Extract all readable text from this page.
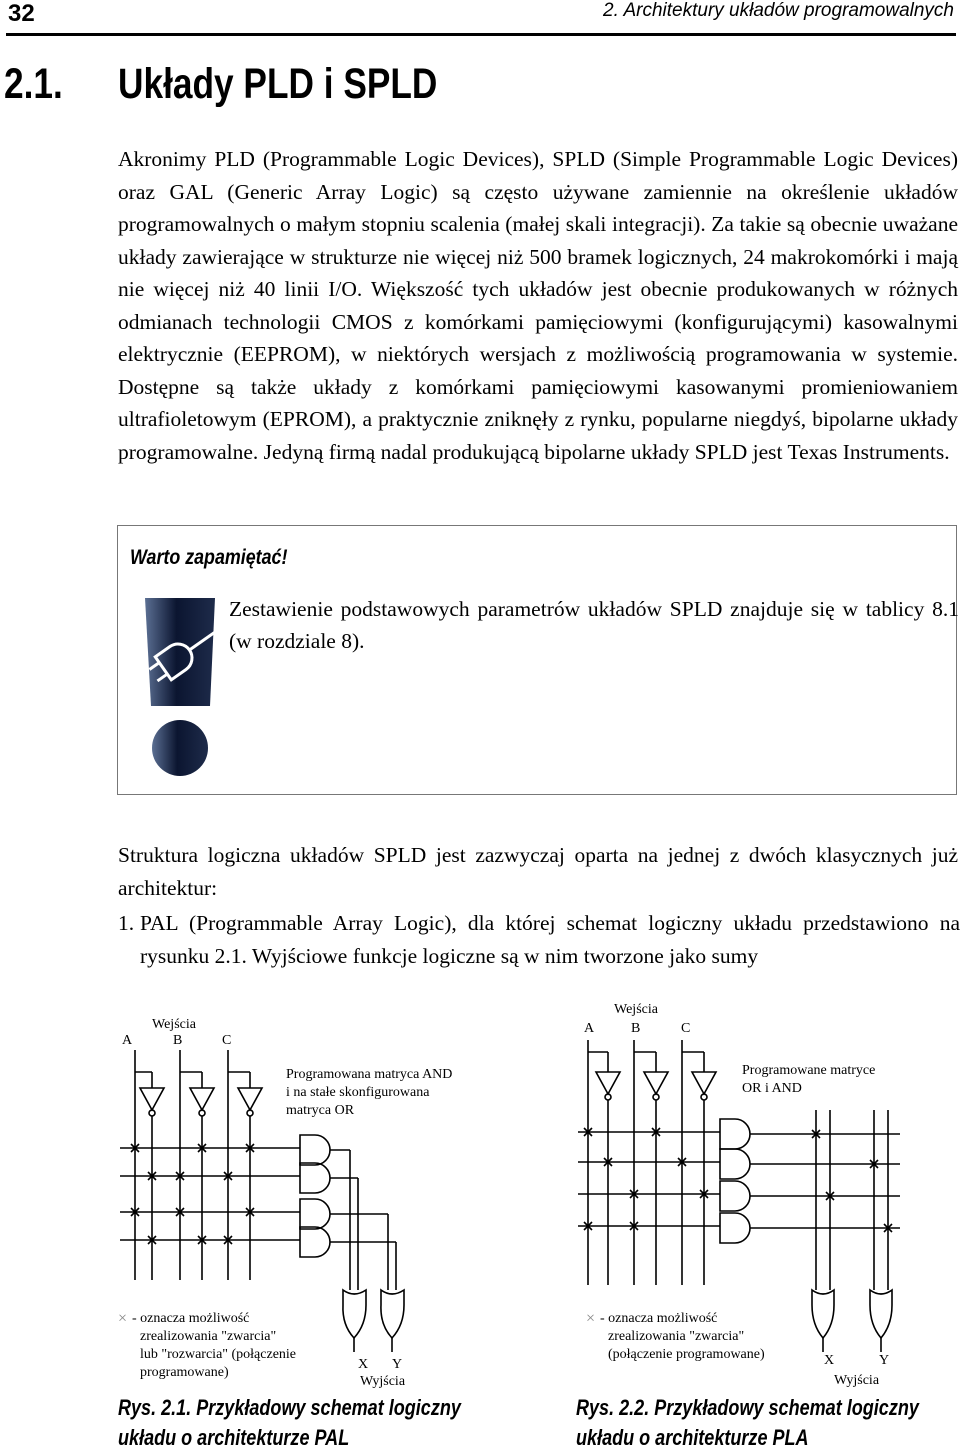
32	2. Architektury układów programowalnych
2.1. Układy PLD i SPLD

Akronimy PLD (Programmable Logic Devices), SPLD (Simple Programmable Logic Devices) oraz GAL (Generic Array Logic) są często używane zamiennie na określenie układów programowalnych o małym stopniu scalenia (małej skali integracji). Za takie są obecnie uważane układy zawierające w strukturze nie więcej niż 500 bramek logicznych, 24 makrokomórki i mają nie więcej niż 40 linii I/O. Większość tych układów jest obecnie produkowanych w różnych odmianach technologii CMOS z komórkami pamięciowymi (konfigurującymi) kasowalnymi elektrycznie (EEPROM), w niektórych wersjach z możliwością programowania w systemie. Dostępne są także układy z komórkami pamięciowymi kasowanymi promieniowaniem ultrafioletowym (EPROM), a praktycznie zniknęły z rynku, popularne niegdyś, bipolarne układy programowalne. Jedyną firmą nadal produkującą bipolarne układy SPLD jest Texas Instruments.

Warto zapamiętać!

Zestawienie podstawowych parametrów układów SPLD znajduje się w tablicy 8.1 (w rozdziale 8).

Struktura logiczna układów SPLD jest zazwyczaj oparta na jednej z dwóch klasycznych już architektur:

1. PAL (Programmable Array Logic), dla której schemat logiczny układu przedstawiono na rysunku 2.1. Wyjściowe funkcje logiczne są w nim tworzone jako sumy

Wejścia
A	B	C
Programowana matryca AND
i na stałe skonfigurowana
matryca OR
× - oznacza możliwość
zrealizowania "zwarcia"
lub "rozwarcia" (połączenie
programowane)
X Y
Wyjścia
Wejścia
A	B	C
Programowane matryce
OR i AND
× - oznacza możliwość
zrealizowania "zwarcia"
(połączenie programowane)	X	Y
Wyjścia
Rys. 2.1. Przykładowy schemat logiczny
układu o architekturze PAL
Rys. 2.2. Przykładowy schemat logiczny
układu o architekturze PLA
